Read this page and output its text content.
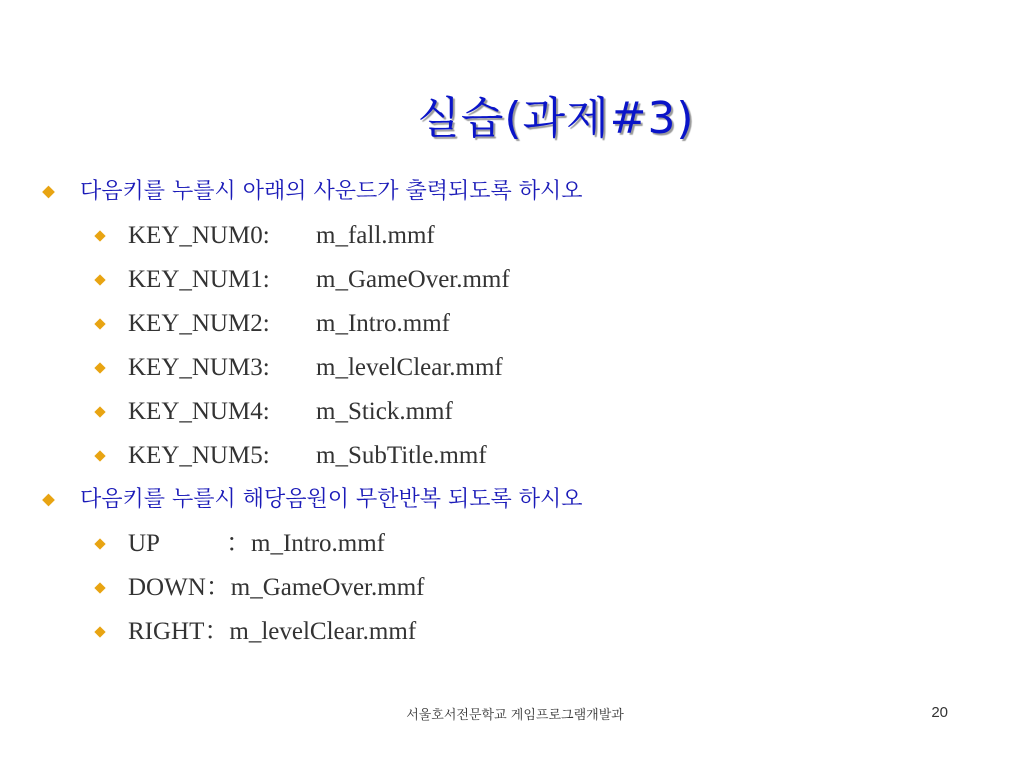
실습(과제#3)
다음키를 누를시 아래의 사운드가 출력되도록 하시오
KEY_NUM0: m_fall.mmf
KEY_NUM1: m_GameOver.mmf
KEY_NUM2: m_Intro.mmf
KEY_NUM3: m_levelClear.mmf
KEY_NUM4: m_Stick.mmf
KEY_NUM5: m_SubTitle.mmf
다음키를 누를시 해당음원이 무한반복 되도록 하시오
UP	：m_Intro.mmf
DOWN：m_GameOver.mmf
RIGHT：m_levelClear.mmf
서울호서전문학교 게임프로그램개발과	20
